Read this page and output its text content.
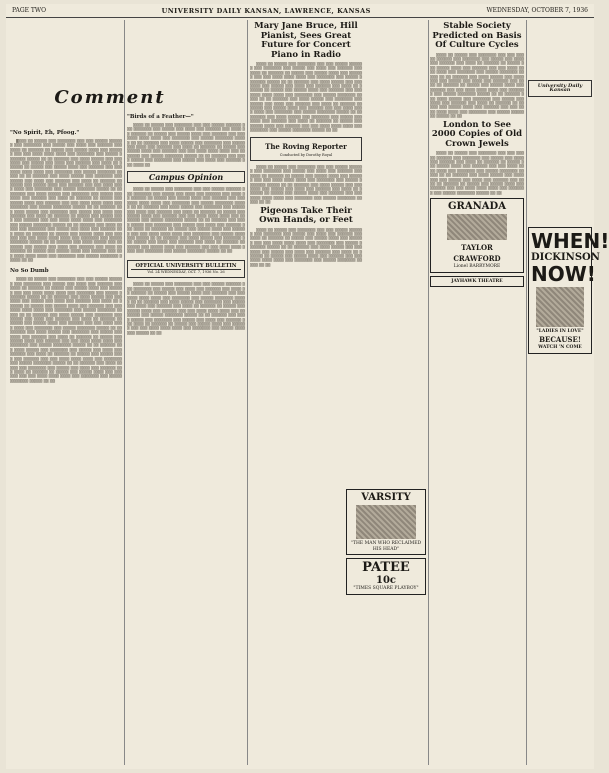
PAGE TWO	UNIVERSITY DAILY KANSAN, LAWRENCE, KANSAS	WEDNESDAY, OCTOBER 7, 1936
Comment
"No Spirit, Eh, Pfoog."

▓▒▒▒ ▒▒ ▒▒▒▒▒ ▒▒▒ ▒▒▒▒▒▒▒ ▒▒▒ ▒▒▒ ▒▒▒▒▒ ▒▒▒▒▒▒ ▒▒▒ ▒▒▒▒▒▒▒ ▒▒▒ ▒▒▒▒▒ ▒▒▒ ▒▒▒▒ ▒▒▒ ▒▒▒▒▒▒ ▒▒▒ ▒▒▒▒ ▒▒ ▒▒▒▒▒▒ ▒▒ ▒▒▒▒▒ ▒▒▒ ▒▒▒▒▒ ▒▒▒▒ ▒▒▒ ▒▒▒▒▒▒ ▒▒▒ ▒▒▒ ▒▒▒▒ ▒▒▒▒ ▒▒▒▒ ▒▒▒ ▒▒▒▒▒▒▒ ▒▒▒ ▒▒▒▒▒ ▒▒▒▒▒▒▒ ▒▒▒▒▒ ▒▒ ▒▒ ▒▒▒▒▒▒ ▒▒▒ ▒▒▒▒ ▒▒▒▒▒ ▒▒▒ ▒▒▒▒▒▒▒ ▒▒▒ ▒▒▒▒▒ ▒▒▒ ▒▒▒▒ ▒▒▒ ▒▒▒▒▒▒ ▒▒▒ ▒▒▒▒ ▒▒ ▒▒▒▒▒▒ ▒▒ ▒▒▒▒▒ ▒▒▒ ▒▒▒▒▒ ▒▒▒▒ ▒▒▒ ▒▒▒▒▒▒ ▒▒▒ ▒▒▒ ▒▒▒▒ ▒▒▒▒ ▒▒▒▒ ▒▒▒ ▒▒▒▒▒▒▒ ▒▒▒ ▒▒▒▒▒ ▒▒▒▒▒▒▒ ▒▒▒▒▒ ▒▒ ▒▒ ▒▒▒▒▒▒ ▒▒▒ ▒▒▒▒ ▒▒▒▒▒ ▒▒▒ ▒▒▒▒▒▒▒ ▒▒▒ ▒▒▒▒▒ ▒▒▒ ▒▒▒▒ ▒▒▒ ▒▒▒▒▒▒ ▒▒▒ ▒▒▒▒ ▒▒ ▒▒▒▒▒▒ ▒▒ ▒▒▒▒▒ ▒▒▒ ▒▒▒▒▒ ▒▒▒▒ ▒▒▒ ▒▒▒▒▒▒ ▒▒▒ ▒▒▒ ▒▒▒▒ ▒▒▒▒ ▒▒▒▒ ▒▒▒ ▒▒▒▒▒▒▒ ▒▒▒ ▒▒▒▒▒ ▒▒▒▒▒▒▒ ▒▒▒▒▒ ▒▒ ▒▒ ▒▒▒▒▒▒ ▒▒▒ ▒▒▒▒ ▒▒▒▒▒ ▒▒▒ ▒▒▒▒▒▒▒ ▒▒▒ ▒▒▒▒▒ ▒▒▒ ▒▒▒▒ ▒▒▒ ▒▒▒▒▒▒ ▒▒▒ ▒▒▒▒ ▒▒ ▒▒▒▒▒▒ ▒▒ ▒▒▒▒▒ ▒▒▒ ▒▒▒▒▒ ▒▒▒▒ ▒▒▒ ▒▒▒▒▒▒ ▒▒▒ ▒▒▒ ▒▒▒▒ ▒▒▒▒ ▒▒▒▒ ▒▒▒ ▒▒▒▒▒▒▒ ▒▒▒ ▒▒▒▒▒ ▒▒▒▒▒▒▒ ▒▒▒▒▒ ▒▒ ▒▒ ▒▒▒▒▒▒ ▒▒▒ ▒▒▒▒ ▒▒▒▒▒ ▒▒▒ ▒▒▒▒▒▒▒ ▒▒▒ ▒▒▒▒▒ ▒▒▒ ▒▒▒▒ ▒▒▒ ▒▒▒▒▒▒ ▒▒▒ ▒▒▒▒ ▒▒ ▒▒▒▒▒▒ ▒▒ ▒▒▒▒▒ ▒▒▒ ▒▒▒▒▒ ▒▒▒▒ ▒▒▒ ▒▒▒▒▒▒ ▒▒▒ ▒▒▒ ▒▒▒▒ ▒▒▒▒ ▒▒▒▒ ▒▒▒ ▒▒▒▒▒▒▒ ▒▒▒ ▒▒▒▒▒ ▒▒▒▒▒▒▒ ▒▒▒▒▒ ▒▒ ▒▒ ▒▒▒▒▒▒ ▒▒▒ ▒▒▒▒ ▒▒▒▒▒ ▒▒▒ ▒▒▒▒▒▒▒ ▒▒▒ ▒▒▒▒▒ ▒▒▒ ▒▒▒▒ ▒▒▒ ▒▒▒▒▒▒ ▒▒▒ ▒▒▒▒ ▒▒ ▒▒▒▒▒▒ ▒▒ ▒▒▒▒▒ ▒▒▒ ▒▒▒▒▒ ▒▒▒▒ ▒▒▒ ▒▒▒▒▒▒ ▒▒▒ ▒▒▒ ▒▒▒▒ ▒▒▒▒ ▒▒▒▒ ▒▒▒ ▒▒▒▒▒▒▒ ▒▒▒ ▒▒▒▒▒ ▒▒▒▒▒▒▒ ▒▒▒▒▒ ▒▒ ▒▒ ▒▒▒▒▒▒ ▒▒▒ ▒▒▒▒ ▒▒▒▒▒ ▒▒▒ ▒▒▒▒▒▒▒ ▒▒▒ ▒▒▒▒▒ ▒▒▒ ▒▒▒▒ ▒▒▒ ▒▒▒▒▒▒ ▒▒▒ ▒▒▒▒ ▒▒ ▒▒▒▒▒▒ ▒▒ ▒▒▒▒▒ ▒▒▒ ▒▒▒▒▒ ▒▒▒▒ ▒▒▒ ▒▒▒▒▒▒ ▒▒▒ ▒▒▒ ▒▒▒▒ ▒▒▒▒ ▒▒▒▒ ▒▒▒ ▒▒▒▒▒▒▒ ▒▒▒ ▒▒▒▒▒ ▒▒▒▒▒▒▒ ▒▒▒▒▒ ▒▒ ▒▒

No So Dumb

▒▒▒▒ ▒▒ ▒▒▒▒▒ ▒▒▒ ▒▒▒▒▒▒▒ ▒▒▒ ▒▒▒ ▒▒▒▒▒ ▒▒▒▒▒▒ ▒▒▒ ▒▒▒▒▒▒▒ ▒▒▒ ▒▒▒▒▒ ▒▒▒ ▒▒▒▒ ▒▒▒ ▒▒▒▒▒▒ ▒▒▒ ▒▒▒▒ ▒▒ ▒▒▒▒▒▒ ▒▒ ▒▒▒▒▒ ▒▒▒ ▒▒▒▒▒ ▒▒▒▒ ▒▒▒ ▒▒▒▒▒▒ ▒▒▒ ▒▒▒ ▒▒▒▒ ▒▒▒▒ ▒▒▒▒ ▒▒▒ ▒▒▒▒▒▒▒ ▒▒▒ ▒▒▒▒▒ ▒▒▒▒▒▒▒ ▒▒▒▒▒ ▒▒ ▒▒ ▒▒▒▒▒▒ ▒▒▒ ▒▒▒▒ ▒▒▒▒▒ ▒▒▒ ▒▒▒▒▒▒▒ ▒▒▒ ▒▒▒▒▒ ▒▒▒ ▒▒▒▒ ▒▒▒ ▒▒▒▒▒▒ ▒▒▒ ▒▒▒▒ ▒▒ ▒▒▒▒▒▒ ▒▒ ▒▒▒▒▒ ▒▒▒ ▒▒▒▒▒ ▒▒▒▒ ▒▒▒ ▒▒▒▒▒▒ ▒▒▒ ▒▒▒ ▒▒▒▒ ▒▒▒▒ ▒▒▒▒ ▒▒▒ ▒▒▒▒▒▒▒ ▒▒▒ ▒▒▒▒▒ ▒▒▒▒▒▒▒ ▒▒▒▒▒ ▒▒ ▒▒ ▒▒▒▒▒▒ ▒▒▒ ▒▒▒▒ ▒▒▒▒▒ ▒▒▒ ▒▒▒▒▒▒▒ ▒▒▒ ▒▒▒▒▒ ▒▒▒ ▒▒▒▒ ▒▒▒ ▒▒▒▒▒▒ ▒▒▒ ▒▒▒▒ ▒▒ ▒▒▒▒▒▒ ▒▒ ▒▒▒▒▒ ▒▒▒ ▒▒▒▒▒ ▒▒▒▒ ▒▒▒ ▒▒▒▒▒▒ ▒▒▒ ▒▒▒ ▒▒▒▒ ▒▒▒▒ ▒▒▒▒ ▒▒▒ ▒▒▒▒▒▒▒ ▒▒▒ ▒▒▒▒▒ ▒▒▒▒▒▒▒ ▒▒▒▒▒ ▒▒ ▒▒ ▒▒▒▒▒▒ ▒▒▒ ▒▒▒▒ ▒▒▒▒▒ ▒▒▒ ▒▒▒▒▒▒▒ ▒▒▒ ▒▒▒▒▒ ▒▒▒ ▒▒▒▒ ▒▒▒ ▒▒▒▒▒▒ ▒▒▒ ▒▒▒▒ ▒▒ ▒▒▒▒▒▒ ▒▒ ▒▒▒▒▒ ▒▒▒ ▒▒▒▒▒ ▒▒▒▒ ▒▒▒ ▒▒▒▒▒▒ ▒▒▒ ▒▒▒ ▒▒▒▒ ▒▒▒▒ ▒▒▒▒ ▒▒▒ ▒▒▒▒▒▒▒ ▒▒▒ ▒▒▒▒▒ ▒▒▒▒▒▒▒ ▒▒▒▒▒ ▒▒ ▒▒ ▒▒▒▒▒▒ ▒▒▒ ▒▒▒▒ ▒▒▒▒▒ ▒▒▒ ▒▒▒▒▒▒▒ ▒▒▒ ▒▒▒▒▒ ▒▒▒ ▒▒▒▒ ▒▒▒ ▒▒▒▒▒▒ ▒▒▒ ▒▒▒▒ ▒▒ ▒▒▒▒▒▒ ▒▒ ▒▒▒▒▒ ▒▒▒ ▒▒▒▒▒ ▒▒▒▒ ▒▒▒ ▒▒▒▒▒▒ ▒▒▒ ▒▒▒ ▒▒▒▒ ▒▒▒▒ ▒▒▒▒ ▒▒▒ ▒▒▒▒▒▒▒ ▒▒▒ ▒▒▒▒▒ ▒▒▒▒▒▒▒ ▒▒▒▒▒ ▒▒ ▒▒ ▒▒▒▒▒▒ ▒▒▒ ▒▒▒▒ ▒▒▒▒▒ ▒▒▒ ▒▒▒▒▒▒▒ ▒▒▒ ▒▒▒▒▒ ▒▒▒ ▒▒▒▒ ▒▒▒ ▒▒▒▒▒▒ ▒▒▒ ▒▒▒▒ ▒▒ ▒▒▒▒▒▒ ▒▒ ▒▒▒▒▒ ▒▒▒ ▒▒▒▒▒ ▒▒▒▒ ▒▒▒ ▒▒▒▒▒▒ ▒▒▒ ▒▒▒ ▒▒▒▒ ▒▒▒▒ ▒▒▒▒ ▒▒▒ ▒▒▒▒▒▒▒ ▒▒▒ ▒▒▒▒▒ ▒▒▒▒▒▒▒ ▒▒▒▒▒ ▒▒ ▒▒

"Birds of a Feather—"

▒▒▒▒ ▒▒ ▒▒▒▒▒ ▒▒▒ ▒▒▒▒▒▒▒ ▒▒▒ ▒▒▒ ▒▒▒▒▒ ▒▒▒▒▒▒ ▒▒▒ ▒▒▒▒▒▒▒ ▒▒▒ ▒▒▒▒▒ ▒▒▒ ▒▒▒▒ ▒▒▒ ▒▒▒▒▒▒ ▒▒▒ ▒▒▒▒ ▒▒ ▒▒▒▒▒▒ ▒▒ ▒▒▒▒▒ ▒▒▒ ▒▒▒▒▒ ▒▒▒▒ ▒▒▒ ▒▒▒▒▒▒ ▒▒▒ ▒▒▒ ▒▒▒▒ ▒▒▒▒ ▒▒▒▒ ▒▒▒ ▒▒▒▒▒▒▒ ▒▒▒ ▒▒▒▒▒ ▒▒▒▒▒▒▒ ▒▒▒▒▒ ▒▒ ▒▒ ▒▒▒▒▒▒ ▒▒▒ ▒▒▒▒ ▒▒▒▒▒ ▒▒▒ ▒▒▒▒▒▒▒ ▒▒▒ ▒▒▒▒▒ ▒▒▒ ▒▒▒▒ ▒▒▒ ▒▒▒▒▒▒ ▒▒▒ ▒▒▒▒ ▒▒ ▒▒▒▒▒▒ ▒▒ ▒▒▒▒▒ ▒▒▒ ▒▒▒▒▒ ▒▒▒▒ ▒▒▒ ▒▒▒▒▒▒ ▒▒▒ ▒▒▒ ▒▒▒▒ ▒▒▒▒ ▒▒▒▒ ▒▒▒ ▒▒▒▒▒▒▒ ▒▒▒ ▒▒▒▒▒ ▒▒▒▒▒▒▒ ▒▒▒▒▒ ▒▒ ▒▒ ▒▒▒▒▒▒ ▒▒▒ ▒▒▒▒ ▒▒▒▒▒ ▒▒▒ ▒▒▒▒▒▒▒ ▒▒▒ ▒▒▒▒▒ ▒▒▒ ▒▒▒▒ ▒▒▒ ▒▒▒▒▒▒ ▒▒▒ ▒▒▒▒ ▒▒

Campus Opinion

▒▒▒▒ ▒▒ ▒▒▒▒▒ ▒▒▒ ▒▒▒▒▒▒▒ ▒▒▒ ▒▒▒ ▒▒▒▒▒ ▒▒▒▒▒▒ ▒▒▒ ▒▒▒▒▒▒▒ ▒▒▒ ▒▒▒▒▒ ▒▒▒ ▒▒▒▒ ▒▒▒ ▒▒▒▒▒▒ ▒▒▒ ▒▒▒▒ ▒▒ ▒▒▒▒▒▒ ▒▒ ▒▒▒▒▒ ▒▒▒ ▒▒▒▒▒ ▒▒▒▒ ▒▒▒ ▒▒▒▒▒▒ ▒▒▒ ▒▒▒ ▒▒▒▒ ▒▒▒▒ ▒▒▒▒ ▒▒▒ ▒▒▒▒▒▒▒ ▒▒▒ ▒▒▒▒▒ ▒▒▒▒▒▒▒ ▒▒▒▒▒ ▒▒ ▒▒ ▒▒▒▒▒▒ ▒▒▒ ▒▒▒▒ ▒▒▒▒▒ ▒▒▒ ▒▒▒▒▒▒▒ ▒▒▒ ▒▒▒▒▒ ▒▒▒ ▒▒▒▒ ▒▒▒ ▒▒▒▒▒▒ ▒▒▒ ▒▒▒▒ ▒▒ ▒▒▒▒▒▒ ▒▒ ▒▒▒▒▒ ▒▒▒ ▒▒▒▒▒ ▒▒▒▒ ▒▒▒ ▒▒▒▒▒▒ ▒▒▒ ▒▒▒ ▒▒▒▒ ▒▒▒▒ ▒▒▒▒ ▒▒▒ ▒▒▒▒▒▒▒ ▒▒▒ ▒▒▒▒▒ ▒▒▒▒▒▒▒ ▒▒▒▒▒ ▒▒ ▒▒ ▒▒▒▒▒▒ ▒▒▒ ▒▒▒▒ ▒▒▒▒▒ ▒▒▒ ▒▒▒▒▒▒▒ ▒▒▒ ▒▒▒▒▒ ▒▒▒ ▒▒▒▒ ▒▒▒ ▒▒▒▒▒▒ ▒▒▒ ▒▒▒▒ ▒▒ ▒▒▒▒▒▒ ▒▒ ▒▒▒▒▒ ▒▒▒ ▒▒▒▒▒ ▒▒▒▒ ▒▒▒ ▒▒▒▒▒▒ ▒▒▒ ▒▒▒ ▒▒▒▒ ▒▒▒▒ ▒▒▒▒ ▒▒▒ ▒▒▒▒▒▒▒ ▒▒▒ ▒▒▒▒▒ ▒▒▒▒▒▒▒ ▒▒▒▒▒ ▒▒ ▒▒ ▒▒▒▒▒▒ ▒▒▒ ▒▒▒▒ ▒▒▒▒▒ ▒▒▒ ▒▒▒▒▒▒▒ ▒▒▒ ▒▒▒▒▒ ▒▒▒ ▒▒▒▒ ▒▒▒ ▒▒▒▒▒▒ ▒▒▒ ▒▒▒▒ ▒▒ ▒▒▒▒▒▒ ▒▒ ▒▒▒▒▒ ▒▒▒ ▒▒▒▒▒ ▒▒▒▒ ▒▒▒ ▒▒▒▒▒▒ ▒▒▒ ▒▒▒ ▒▒▒▒ ▒▒▒▒ ▒▒▒▒ ▒▒▒ ▒▒▒▒▒▒▒ ▒▒▒ ▒▒▒▒▒ ▒▒▒▒▒▒▒ ▒▒▒▒▒ ▒▒ ▒▒

OFFICIAL UNIVERSITY BULLETIN
Vol. 24 WEDNESDAY, OCT. 7, 1936 No. 26

▒▒▒▒ ▒▒ ▒▒▒▒▒ ▒▒▒ ▒▒▒▒▒▒▒ ▒▒▒ ▒▒▒ ▒▒▒▒▒ ▒▒▒▒▒▒ ▒▒▒ ▒▒▒▒▒▒▒ ▒▒▒ ▒▒▒▒▒ ▒▒▒ ▒▒▒▒ ▒▒▒ ▒▒▒▒▒▒ ▒▒▒ ▒▒▒▒ ▒▒ ▒▒▒▒▒▒ ▒▒ ▒▒▒▒▒ ▒▒▒ ▒▒▒▒▒ ▒▒▒▒ ▒▒▒ ▒▒▒▒▒▒ ▒▒▒ ▒▒▒ ▒▒▒▒ ▒▒▒▒ ▒▒▒▒ ▒▒▒ ▒▒▒▒▒▒▒ ▒▒▒ ▒▒▒▒▒ ▒▒▒▒▒▒▒ ▒▒▒▒▒ ▒▒ ▒▒ ▒▒▒▒▒▒ ▒▒▒ ▒▒▒▒ ▒▒▒▒▒ ▒▒▒ ▒▒▒▒▒▒▒ ▒▒▒ ▒▒▒▒▒ ▒▒▒ ▒▒▒▒ ▒▒▒ ▒▒▒▒▒▒ ▒▒▒ ▒▒▒▒ ▒▒ ▒▒▒▒▒▒ ▒▒ ▒▒▒▒▒ ▒▒▒ ▒▒▒▒▒ ▒▒▒▒ ▒▒▒ ▒▒▒▒▒▒ ▒▒▒ ▒▒▒ ▒▒▒▒ ▒▒▒▒ ▒▒▒▒ ▒▒▒ ▒▒▒▒▒▒▒ ▒▒▒ ▒▒▒▒▒ ▒▒▒▒▒▒▒ ▒▒▒▒▒ ▒▒ ▒▒ ▒▒▒▒▒▒ ▒▒▒ ▒▒▒▒ ▒▒▒▒▒ ▒▒▒ ▒▒▒▒▒▒▒ ▒▒▒ ▒▒▒▒▒ ▒▒▒ ▒▒▒▒ ▒▒▒ ▒▒▒▒▒▒ ▒▒▒ ▒▒▒▒ ▒▒ ▒▒▒▒▒▒ ▒▒ ▒▒▒▒▒ ▒▒▒ ▒▒▒▒▒ ▒▒▒▒ ▒▒▒ ▒▒▒▒▒▒ ▒▒▒ ▒▒▒ ▒▒▒▒ ▒▒▒▒ ▒▒▒▒ ▒▒▒ ▒▒▒▒▒▒▒ ▒▒▒ ▒▒▒▒▒ ▒▒▒▒▒▒▒ ▒▒▒▒▒ ▒▒ ▒▒

Mary Jane Bruce, Hill Pianist, Sees Great Future for Concert Piano in Radio

▒▒▒▒ ▒▒ ▒▒▒▒▒ ▒▒▒ ▒▒▒▒▒▒▒ ▒▒▒ ▒▒▒ ▒▒▒▒▒ ▒▒▒▒▒▒ ▒▒▒ ▒▒▒▒▒▒▒ ▒▒▒ ▒▒▒▒▒ ▒▒▒ ▒▒▒▒ ▒▒▒ ▒▒▒▒▒▒ ▒▒▒ ▒▒▒▒ ▒▒ ▒▒▒▒▒▒ ▒▒ ▒▒▒▒▒ ▒▒▒ ▒▒▒▒▒ ▒▒▒▒ ▒▒▒ ▒▒▒▒▒▒ ▒▒▒ ▒▒▒ ▒▒▒▒ ▒▒▒▒ ▒▒▒▒ ▒▒▒ ▒▒▒▒▒▒▒ ▒▒▒ ▒▒▒▒▒ ▒▒▒▒▒▒▒ ▒▒▒▒▒ ▒▒ ▒▒ ▒▒▒▒▒▒ ▒▒▒ ▒▒▒▒ ▒▒▒▒▒ ▒▒▒ ▒▒▒▒▒▒▒ ▒▒▒ ▒▒▒▒▒ ▒▒▒ ▒▒▒▒ ▒▒▒ ▒▒▒▒▒▒ ▒▒▒ ▒▒▒▒ ▒▒ ▒▒▒▒▒▒ ▒▒ ▒▒▒▒▒ ▒▒▒ ▒▒▒▒▒ ▒▒▒▒ ▒▒▒ ▒▒▒▒▒▒ ▒▒▒ ▒▒▒ ▒▒▒▒ ▒▒▒▒ ▒▒▒▒ ▒▒▒ ▒▒▒▒▒▒▒ ▒▒▒ ▒▒▒▒▒ ▒▒▒▒▒▒▒ ▒▒▒▒▒ ▒▒ ▒▒ ▒▒▒▒▒▒ ▒▒▒ ▒▒▒▒ ▒▒▒▒▒ ▒▒▒ ▒▒▒▒▒▒▒ ▒▒▒ ▒▒▒▒▒ ▒▒▒ ▒▒▒▒ ▒▒▒ ▒▒▒▒▒▒ ▒▒▒ ▒▒▒▒ ▒▒ ▒▒▒▒▒▒ ▒▒ ▒▒▒▒▒ ▒▒▒ ▒▒▒▒▒ ▒▒▒▒ ▒▒▒ ▒▒▒▒▒▒ ▒▒▒ ▒▒▒ ▒▒▒▒ ▒▒▒▒ ▒▒▒▒ ▒▒▒ ▒▒▒▒▒▒▒ ▒▒▒ ▒▒▒▒▒ ▒▒▒▒▒▒▒ ▒▒▒▒▒ ▒▒ ▒▒ ▒▒▒▒▒▒ ▒▒▒ ▒▒▒▒ ▒▒▒▒▒ ▒▒▒ ▒▒▒▒▒▒▒ ▒▒▒ ▒▒▒▒▒ ▒▒▒ ▒▒▒▒ ▒▒▒ ▒▒▒▒▒▒ ▒▒▒ ▒▒▒▒ ▒▒ ▒▒▒▒▒▒ ▒▒ ▒▒▒▒▒ ▒▒▒ ▒▒▒▒▒ ▒▒▒▒ ▒▒▒ ▒▒▒▒▒▒ ▒▒▒ ▒▒▒ ▒▒▒▒ ▒▒▒▒ ▒▒▒▒ ▒▒▒ ▒▒▒▒▒▒▒ ▒▒▒ ▒▒▒▒▒ ▒▒▒▒▒▒▒ ▒▒▒▒▒ ▒▒ ▒▒

The Roving Reporter
Conducted by Dorothy Royal

▒▒▒▒ ▒▒ ▒▒▒▒▒ ▒▒▒ ▒▒▒▒▒▒▒ ▒▒▒ ▒▒▒ ▒▒▒▒▒ ▒▒▒▒▒▒ ▒▒▒ ▒▒▒▒▒▒▒ ▒▒▒ ▒▒▒▒▒ ▒▒▒ ▒▒▒▒ ▒▒▒ ▒▒▒▒▒▒ ▒▒▒ ▒▒▒▒ ▒▒ ▒▒▒▒▒▒ ▒▒ ▒▒▒▒▒ ▒▒▒ ▒▒▒▒▒ ▒▒▒▒ ▒▒▒ ▒▒▒▒▒▒ ▒▒▒ ▒▒▒ ▒▒▒▒ ▒▒▒▒ ▒▒▒▒ ▒▒▒ ▒▒▒▒▒▒▒ ▒▒▒ ▒▒▒▒▒ ▒▒▒▒▒▒▒ ▒▒▒▒▒ ▒▒ ▒▒ ▒▒▒▒▒▒ ▒▒▒ ▒▒▒▒ ▒▒▒▒▒ ▒▒▒ ▒▒▒▒▒▒▒ ▒▒▒ ▒▒▒▒▒ ▒▒▒ ▒▒▒▒ ▒▒▒ ▒▒▒▒▒▒ ▒▒▒ ▒▒▒▒ ▒▒ ▒▒▒▒▒▒ ▒▒ ▒▒▒▒▒ ▒▒▒ ▒▒▒▒▒ ▒▒▒▒ ▒▒▒ ▒▒▒▒▒▒ ▒▒▒ ▒▒▒ ▒▒▒▒ ▒▒▒▒ ▒▒▒▒ ▒▒▒ ▒▒▒▒▒▒▒ ▒▒▒ ▒▒▒▒▒ ▒▒▒▒▒▒▒ ▒▒▒▒▒ ▒▒ ▒▒

Pigeons Take Their Own Hands, or Feet

▒▒▒▒ ▒▒ ▒▒▒▒▒ ▒▒▒ ▒▒▒▒▒▒▒ ▒▒▒ ▒▒▒ ▒▒▒▒▒ ▒▒▒▒▒▒ ▒▒▒ ▒▒▒▒▒▒▒ ▒▒▒ ▒▒▒▒▒ ▒▒▒ ▒▒▒▒ ▒▒▒ ▒▒▒▒▒▒ ▒▒▒ ▒▒▒▒ ▒▒ ▒▒▒▒▒▒ ▒▒ ▒▒▒▒▒ ▒▒▒ ▒▒▒▒▒ ▒▒▒▒ ▒▒▒ ▒▒▒▒▒▒ ▒▒▒ ▒▒▒ ▒▒▒▒ ▒▒▒▒ ▒▒▒▒ ▒▒▒ ▒▒▒▒▒▒▒ ▒▒▒ ▒▒▒▒▒ ▒▒▒▒▒▒▒ ▒▒▒▒▒ ▒▒ ▒▒ ▒▒▒▒▒▒ ▒▒▒ ▒▒▒▒ ▒▒▒▒▒ ▒▒▒ ▒▒▒▒▒▒▒ ▒▒▒ ▒▒▒▒▒ ▒▒▒ ▒▒▒▒ ▒▒▒ ▒▒▒▒▒▒ ▒▒▒ ▒▒▒▒ ▒▒ ▒▒▒▒▒▒ ▒▒ ▒▒▒▒▒ ▒▒▒ ▒▒▒▒▒ ▒▒▒▒ ▒▒▒ ▒▒▒▒▒▒ ▒▒▒ ▒▒▒ ▒▒▒▒ ▒▒▒▒ ▒▒▒▒ ▒▒▒ ▒▒▒▒▒▒▒ ▒▒▒ ▒▒▒▒▒ ▒▒▒▒▒▒▒ ▒▒▒▒▒ ▒▒ ▒▒

VARSITY
"THE MAN WHO RECLAIMED HIS HEAD"
PATEE
10c
"TIMES SQUARE PLAYBOY"
Stable Society Predicted on Basis Of Culture Cycles

▒▒▒▒ ▒▒ ▒▒▒▒▒ ▒▒▒ ▒▒▒▒▒▒▒ ▒▒▒ ▒▒▒ ▒▒▒▒▒ ▒▒▒▒▒▒ ▒▒▒ ▒▒▒▒▒▒▒ ▒▒▒ ▒▒▒▒▒ ▒▒▒ ▒▒▒▒ ▒▒▒ ▒▒▒▒▒▒ ▒▒▒ ▒▒▒▒ ▒▒ ▒▒▒▒▒▒ ▒▒ ▒▒▒▒▒ ▒▒▒ ▒▒▒▒▒ ▒▒▒▒ ▒▒▒ ▒▒▒▒▒▒ ▒▒▒ ▒▒▒ ▒▒▒▒ ▒▒▒▒ ▒▒▒▒ ▒▒▒ ▒▒▒▒▒▒▒ ▒▒▒ ▒▒▒▒▒ ▒▒▒▒▒▒▒ ▒▒▒▒▒ ▒▒ ▒▒ ▒▒▒▒▒▒ ▒▒▒ ▒▒▒▒ ▒▒▒▒▒ ▒▒▒ ▒▒▒▒▒▒▒ ▒▒▒ ▒▒▒▒▒ ▒▒▒ ▒▒▒▒ ▒▒▒ ▒▒▒▒▒▒ ▒▒▒ ▒▒▒▒ ▒▒ ▒▒▒▒▒▒ ▒▒ ▒▒▒▒▒ ▒▒▒ ▒▒▒▒▒ ▒▒▒▒ ▒▒▒ ▒▒▒▒▒▒ ▒▒▒ ▒▒▒ ▒▒▒▒ ▒▒▒▒ ▒▒▒▒ ▒▒▒ ▒▒▒▒▒▒▒ ▒▒▒ ▒▒▒▒▒ ▒▒▒▒▒▒▒ ▒▒▒▒▒ ▒▒ ▒▒ ▒▒▒▒▒▒ ▒▒▒ ▒▒▒▒ ▒▒▒▒▒ ▒▒▒ ▒▒▒▒▒▒▒ ▒▒▒ ▒▒▒▒▒ ▒▒▒ ▒▒▒▒ ▒▒▒ ▒▒▒▒▒▒ ▒▒▒ ▒▒▒▒ ▒▒ ▒▒▒▒▒▒ ▒▒ ▒▒▒▒▒ ▒▒▒ ▒▒▒▒▒ ▒▒▒▒ ▒▒▒ ▒▒▒▒▒▒ ▒▒▒ ▒▒▒ ▒▒▒▒ ▒▒▒▒ ▒▒▒▒ ▒▒▒ ▒▒▒▒▒▒▒ ▒▒▒ ▒▒▒▒▒ ▒▒▒▒▒▒▒ ▒▒▒▒▒ ▒▒ ▒▒

London to See 2000 Copies of Old Crown Jewels

▒▒▒▒ ▒▒ ▒▒▒▒▒ ▒▒▒ ▒▒▒▒▒▒▒ ▒▒▒ ▒▒▒ ▒▒▒▒▒ ▒▒▒▒▒▒ ▒▒▒ ▒▒▒▒▒▒▒ ▒▒▒ ▒▒▒▒▒ ▒▒▒ ▒▒▒▒ ▒▒▒ ▒▒▒▒▒▒ ▒▒▒ ▒▒▒▒ ▒▒ ▒▒▒▒▒▒ ▒▒ ▒▒▒▒▒ ▒▒▒ ▒▒▒▒▒ ▒▒▒▒ ▒▒▒ ▒▒▒▒▒▒ ▒▒▒ ▒▒▒ ▒▒▒▒ ▒▒▒▒ ▒▒▒▒ ▒▒▒ ▒▒▒▒▒▒▒ ▒▒▒ ▒▒▒▒▒ ▒▒▒▒▒▒▒ ▒▒▒▒▒ ▒▒ ▒▒ ▒▒▒▒▒▒ ▒▒▒ ▒▒▒▒ ▒▒▒▒▒ ▒▒▒ ▒▒▒▒▒▒▒ ▒▒▒ ▒▒▒▒▒ ▒▒▒ ▒▒▒▒ ▒▒▒ ▒▒▒▒▒▒ ▒▒▒ ▒▒▒▒ ▒▒ ▒▒▒▒▒▒ ▒▒ ▒▒▒▒▒ ▒▒▒ ▒▒▒▒▒ ▒▒▒▒ ▒▒▒ ▒▒▒▒▒▒ ▒▒▒ ▒▒▒ ▒▒▒▒ ▒▒▒▒ ▒▒▒▒ ▒▒▒ ▒▒▒▒▒▒▒ ▒▒▒ ▒▒▒▒▒ ▒▒▒▒▒▒▒ ▒▒▒▒▒ ▒▒ ▒▒

GRANADA
TAYLOR
CRAWFORD
Lionel BARRYMORE
JAYHAWK THEATRE
University Daily Kansan
WHEN!
DICKINSON
NOW!
"LADIES IN LOVE"
BECAUSE!
WATCH 'N COME
